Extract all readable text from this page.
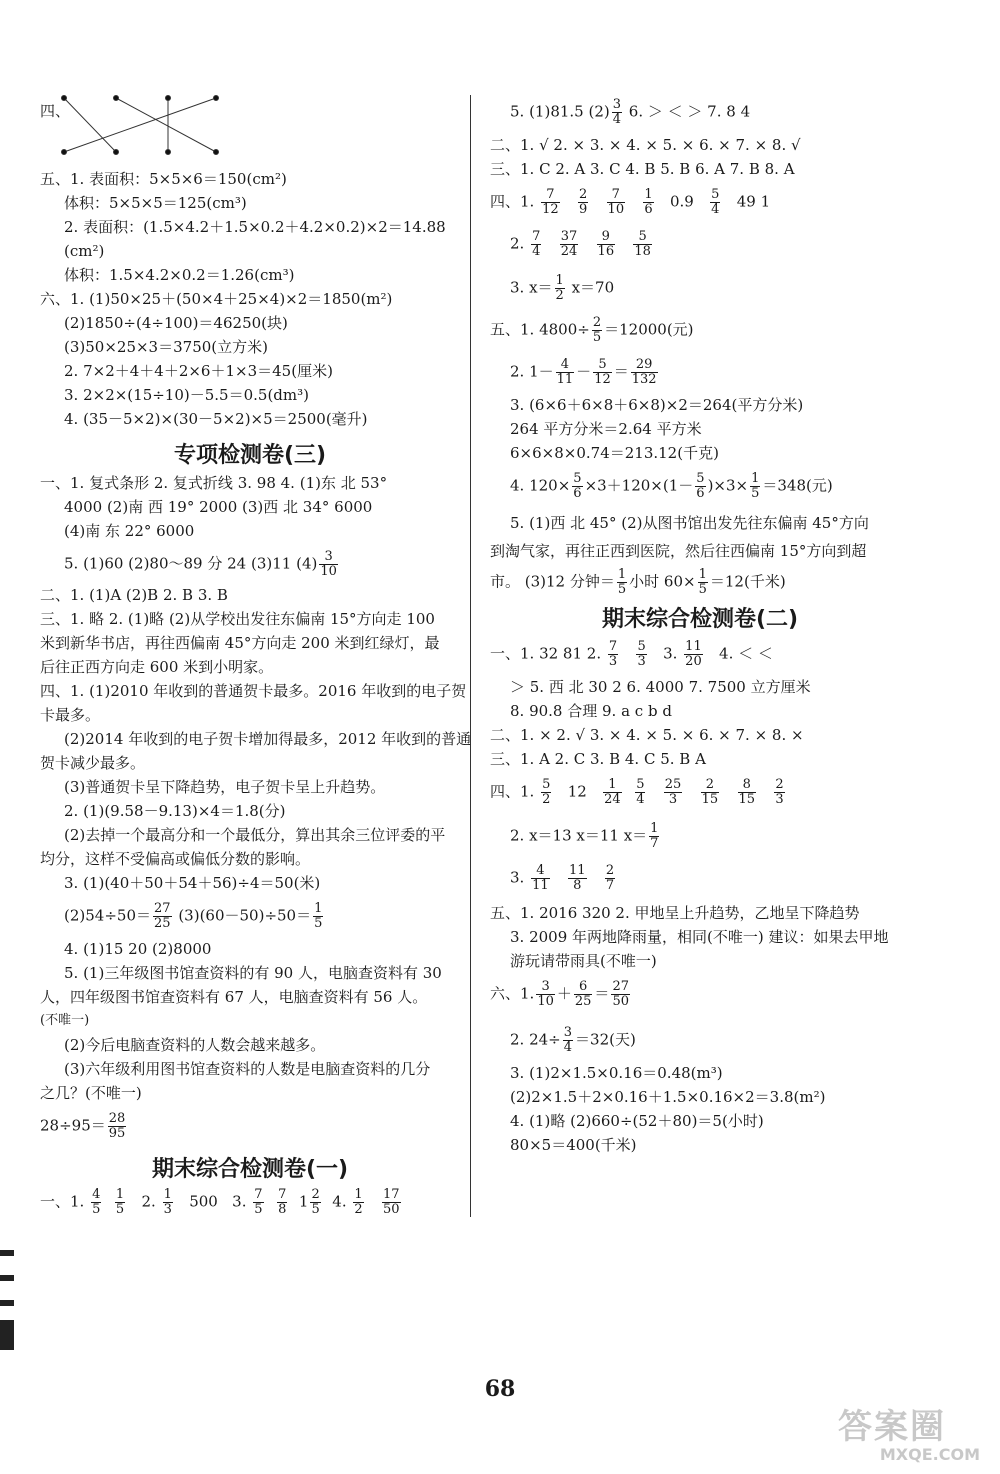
四、
五、1. 表面积：5×5×6＝150(cm²)
体积：5×5×5＝125(cm³)
2. 表面积：(1.5×4.2＋1.5×0.2＋4.2×0.2)×2＝14.88
(cm²)
体积：1.5×4.2×0.2＝1.26(cm³)
六、1. (1)50×25＋(50×4＋25×4)×2＝1850(m²)
(2)1850÷(4÷100)＝46250(块)
(3)50×25×3＝3750(立方米)
2. 7×2＋4＋4＋2×6＋1×3＝45(厘米)
3. 2×2×(15÷10)－5.5＝0.5(dm³)
4. (35－5×2)×(30－5×2)×5＝2500(毫升)
专项检测卷(三)
一、1. 复式条形 2. 复式折线 3. 98 4. (1)东 北 53°
4000 (2)南 西 19° 2000 (3)西 北 34° 6000
(4)南 东 22° 6000
5. (1)60 (2)80～89 分 24 (3)11 $(4) \frac{3}{10}$
二、1. (1)A (2)B 2. B 3. B
三、1. 略 2. (1)略 (2)从学校出发往东偏南 15°方向走 100
米到新华书店，再往西偏南 45°方向走 200 米到红绿灯，最
后往正西方向走 600 米到小明家。
四、1. (1)2010 年收到的普通贺卡最多。2016 年收到的电子贺
卡最多。
(2)2014 年收到的电子贺卡增加得最多，2012 年收到的普通
贺卡减少最多。
(3)普通贺卡呈下降趋势，电子贺卡呈上升趋势。
2. (1)(9.58－9.13)×4＝1.8(分)
(2)去掉一个最高分和一个最低分，算出其余三位评委的平
均分，这样不受偏高或偏低分数的影响。
3. (1)(40＋50＋54＋56)÷4＝50(米)
$(2)54\div 50= \frac{27}{25} (3)(60-50)\div 50= \frac{1}{5}$
4. (1)15 20 (2)8000
5. (1)三年级图书馆查资料的有 90 人，电脑查资料有 30
人，四年级图书馆查资料有 67 人，电脑查资料有 56 人。
(不唯一)
(2)今后电脑查资料的人数会越来越多。
(3)六年级利用图书馆查资料的人数是电脑查资料的几分
之几？(不唯一)
$28\div 95= \frac{28}{95}$
期末综合检测卷(一)
一、1. $\frac{4}{5}$
$\frac{1}{5} 2$. $\frac{1}{3} 500$ 3. $\frac{7}{5}$
$\frac{7}{8} 1 \frac{2}{5} 4$. $\frac{1}{2}$
$\frac{17}{50}$
5. (1)81.5 $(2) \frac{3}{4} 6$. ＞ ＜ ＞ 7. 8 4
二、1. √ 2. × 3. × 4. × 5. × 6. × 7. × 8. √
三、1. C 2. A 3. C 4. B 5. B 6. A 7. B 8. A
四、1. $\frac{7}{12}$
$\frac{2}{9}$
$\frac{7}{10}$
$\frac{1}{6} 0.9 \frac{5}{4} 49$ 1
2. $\frac{7}{4}$
$\frac{37}{24}$
$\frac{9}{16}$
$\frac{5}{18}$
3. $x= \frac{1}{2} x=70$
五、1. $4800\div \frac{2}{5} =12000$(元)
2. $1- \frac{4}{11} - \frac{5}{12} = \frac{29}{132}$
3. (6×6＋6×8＋6×8)×2＝264(平方分米)
264 平方分米＝2.64 平方米
6×6×8×0.74＝213.12(千克)
4. $120\times \frac{5}{6} \times 3+120\times(1- \frac{5}{6} )\times 3\times \frac{1}{5} =348$(元)
5. (1)西 北 45° (2)从图书馆出发先往东偏南 45°方向
到淘气家，再往正西到医院，然后往西偏南 15°方向到超
市。 (3)12 分钟＝ $\frac{1}{5}$ 小时 $60\times \frac{1}{5} =12$(千米)
期末综合检测卷(二)
一、1. 32 81 2. $\frac{7}{3}$
$\frac{5}{3} 3$. $\frac{11}{20} 4$. ＜ ＜
＞ 5. 西 北 30 2 6. 4000 7. 7500 立方厘米
8. 90.8 合理 9. a c b d
二、1. × 2. √ 3. × 4. × 5. × 6. × 7. × 8. ×
三、1. A 2. C 3. B 4. C 5. B A
四、1. $\frac{5}{2} 12 \frac{1}{24}$
$\frac{5}{4}$
$\frac{25}{3}$
$\frac{2}{15}$
$\frac{8}{15}$
$\frac{2}{3}$
2. x＝13 x＝11 $x= \frac{1}{7}$
3. $\frac{4}{11}$
$\frac{11}{8}$
$\frac{2}{7}$
五、1. 2016 320 2. 甲地呈上升趋势，乙地呈下降趋势
3. 2009 年两地降雨量，相同(不唯一) 建议：如果去甲地
游玩请带雨具(不唯一)
六、1. $\frac{3}{10} + \frac{6}{25} = \frac{27}{50}$
2. $24\div \frac{3}{4} =32$(天)
3. (1)2×1.5×0.16＝0.48(m³)
(2)2×1.5＋2×0.16＋1.5×0.16×2＝3.8(m²)
4. (1)略 (2)660÷(52＋80)＝5(小时)
80×5＝400(千米)
68
答案圈
MXQE.COM
